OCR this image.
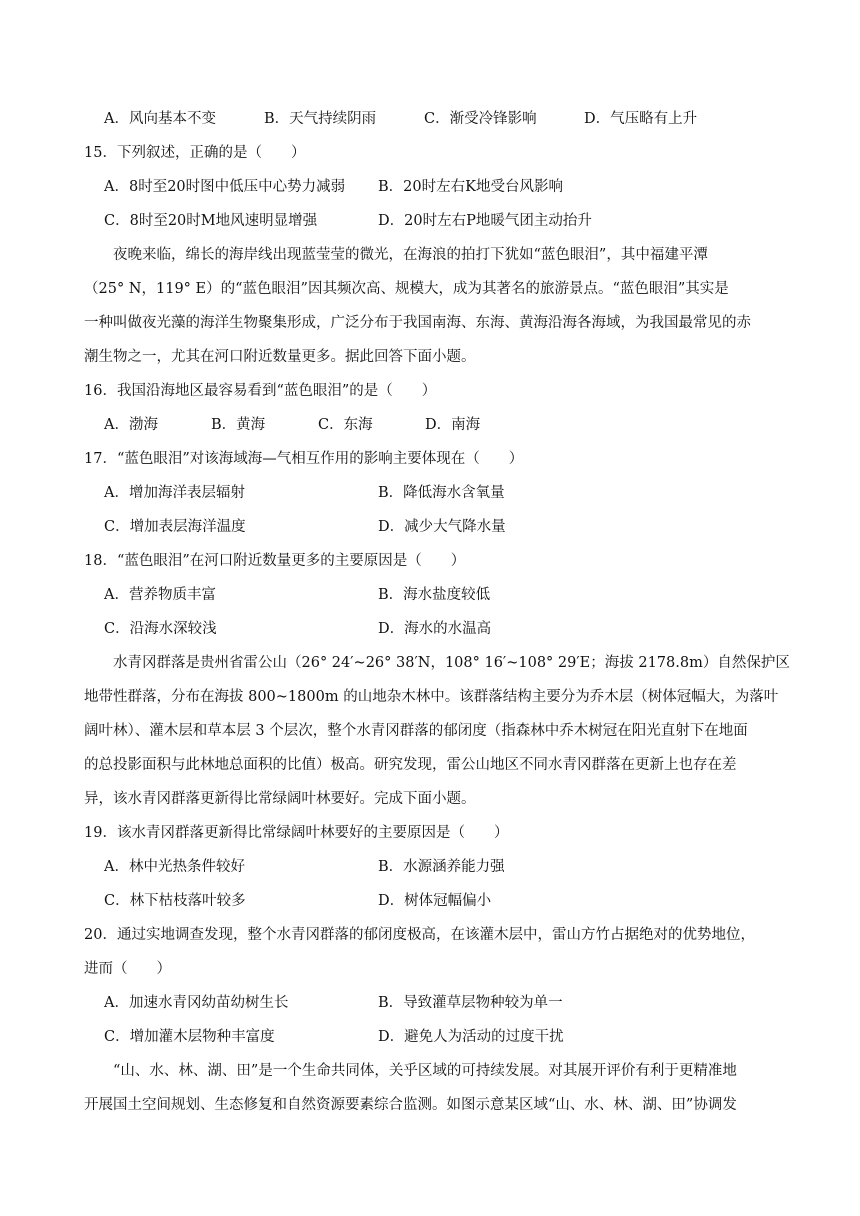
A．风向基本不变	B．天气持续阴雨	C．渐受冷锋影响	D．气压略有上升
15．下列叙述，正确的是（　　）
A．8时至20时图中低压中心势力减弱 B．20时左右K地受台风影响
C．8时至20时M地风速明显增强	D．20时左右P地暖气团主动抬升
夜晚来临，绵长的海岸线出现蓝莹莹的微光，在海浪的拍打下犹如“蓝色眼泪”，其中福建平潭
（25° N，119° E）的“蓝色眼泪”因其频次高、规模大，成为其著名的旅游景点。“蓝色眼泪”其实是
一种叫做夜光藻的海洋生物聚集形成，广泛分布于我国南海、东海、黄海沿海各海域，为我国最常见的赤
潮生物之一，尤其在河口附近数量更多。据此回答下面小题。
16．我国沿海地区最容易看到“蓝色眼泪”的是（　　）
A．渤海	B．黄海	C．东海	D．南海
17．“蓝色眼泪”对该海域海—气相互作用的影响主要体现在（　　）
A．增加海洋表层辐射	B．降低海水含氧量
C．增加表层海洋温度	D．减少大气降水量
18．“蓝色眼泪”在河口附近数量更多的主要原因是（　　）
A．营养物质丰富	B．海水盐度较低
C．沿海水深较浅	D．海水的水温高
水青冈群落是贵州省雷公山（26° 24′~26° 38′N，108° 16′~108° 29′E；海拔 2178.8m）自然保护区
地带性群落，分布在海拔 800~1800m 的山地杂木林中。该群落结构主要分为乔木层（树体冠幅大，为落叶
阔叶林）、灌木层和草本层 3 个层次，整个水青冈群落的郁闭度（指森林中乔木树冠在阳光直射下在地面
的总投影面积与此林地总面积的比值）极高。研究发现，雷公山地区不同水青冈群落在更新上也存在差
异，该水青冈群落更新得比常绿阔叶林要好。完成下面小题。
19．该水青冈群落更新得比常绿阔叶林要好的主要原因是（　　）
A．林中光热条件较好	B．水源涵养能力强
C．林下枯枝落叶较多	D．树体冠幅偏小
20．通过实地调查发现，整个水青冈群落的郁闭度极高，在该灌木层中，雷山方竹占据绝对的优势地位，
进而（　　）
A．加速水青冈幼苗幼树生长	B．导致灌草层物种较为单一
C．增加灌木层物种丰富度	D．避免人为活动的过度干扰
“山、水、林、湖、田”是一个生命共同体，关乎区域的可持续发展。对其展开评价有利于更精准地
开展国土空间规划、生态修复和自然资源要素综合监测。如图示意某区域“山、水、林、湖、田”协调发
